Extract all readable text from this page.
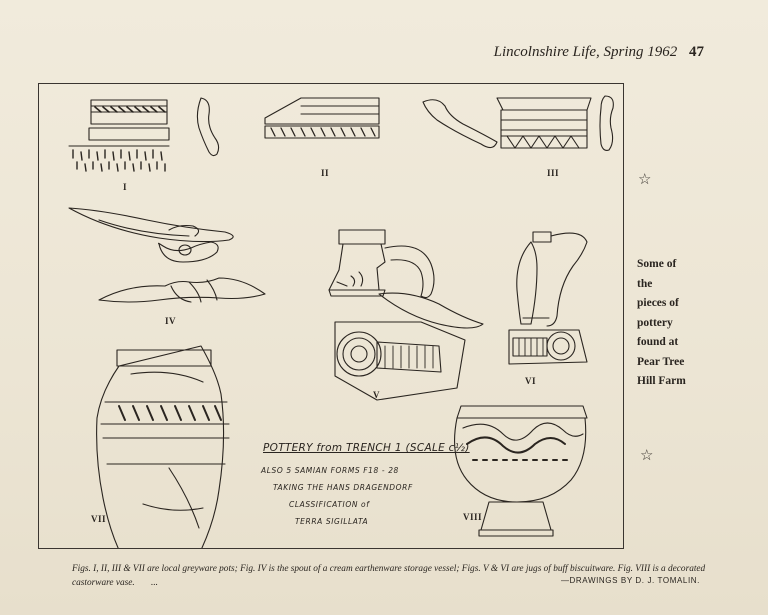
Lincolnshire Life, Spring 1962 47
I
II	III
IV
V
VI
VII	VIII
POTTERY from TRENCH 1 (SCALE c½)
ALSO 5 SAMIAN FORMS F18 - 28
TAKING THE HANS DRAGENDORF
CLASSIFICATION of
TERRA SIGILLATA
☆
☆
Some of
the
pieces of
pottery
found at
Pear Tree
Hill Farm
Figs. I, II, III & VII are local greyware pots; Fig. IV is the spout of a cream earthenware storage vessel; Figs. V & VI are jugs of buff biscuitware. Fig. VIII is a decorated castorware vase. ...	—DRAWINGS BY D. J. TOMALIN.
